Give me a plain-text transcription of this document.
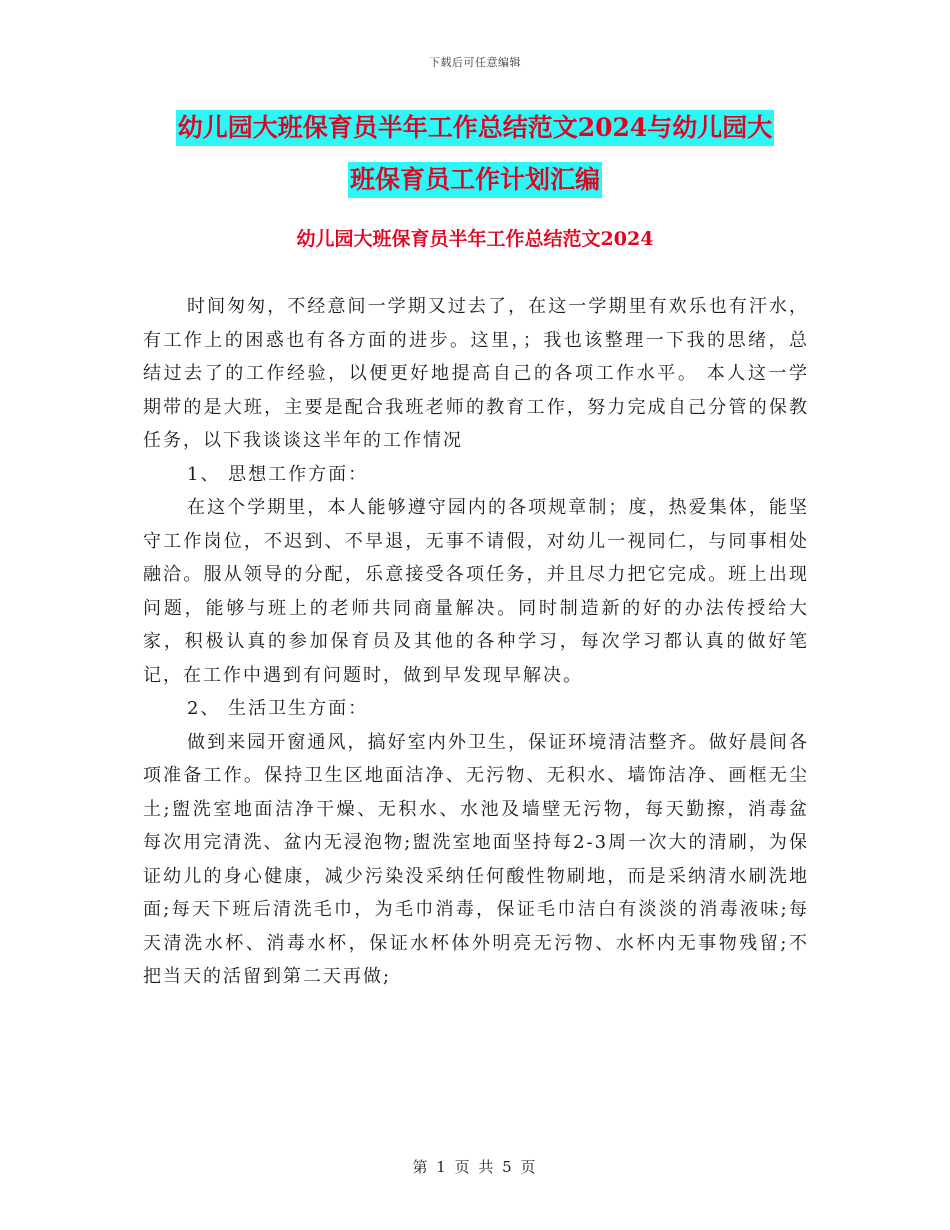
下载后可任意编辑
幼儿园大班保育员半年工作总结范文2024与幼儿园大
班保育员工作计划汇编
幼儿园大班保育员半年工作总结范文2024

时间匆匆，不经意间一学期又过去了，在这一学期里有欢乐也有汗水，有工作上的困惑也有各方面的进步。这里，；我也该整理一下我的思绪，总结过去了的工作经验，以便更好地提高自己的各项工作水平。 本人这一学期带的是大班，主要是配合我班老师的教育工作，努力完成自己分管的保教任务，以下我谈谈这半年的工作情况

1、 思想工作方面：

在这个学期里，本人能够遵守园内的各项规章制；度，热爱集体，能坚守工作岗位，不迟到、不早退，无事不请假，对幼儿一视同仁，与同事相处融洽。服从领导的分配，乐意接受各项任务，并且尽力把它完成。班上出现问题，能够与班上的老师共同商量解决。同时制造新的好的办法传授给大家，积极认真的参加保育员及其他的各种学习，每次学习都认真的做好笔记，在工作中遇到有问题时，做到早发现早解决。

2、 生活卫生方面：

做到来园开窗通风，搞好室内外卫生，保证环境清洁整齐。做好晨间各项准备工作。保持卫生区地面洁净、无污物、无积水、墙饰洁净、画框无尘土;盥洗室地面洁净干燥、无积水、水池及墙壁无污物，每天勤擦，消毒盆每次用完清洗、盆内无浸泡物;盥洗室地面坚持每2-3周一次大的清刷，为保证幼儿的身心健康，减少污染没采纳任何酸性物刷地，而是采纳清水刷洗地面;每天下班后清洗毛巾，为毛巾消毒，保证毛巾洁白有淡淡的消毒液味;每天清洗水杯、消毒水杯，保证水杯体外明亮无污物、水杯内无事物残留;不把当天的活留到第二天再做;

第 1 页 共 5 页
